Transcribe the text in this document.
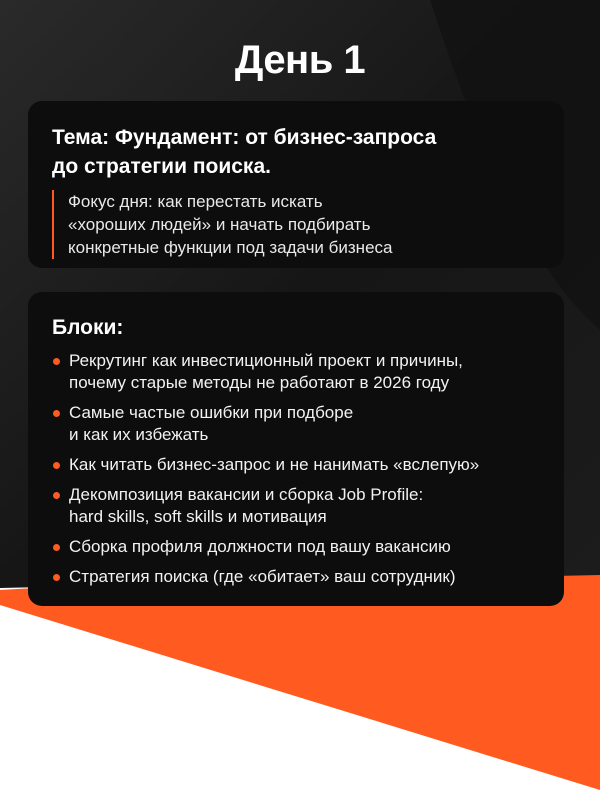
День 1
Тема: Фундамент: от бизнес-запроса
до стратегии поиска.
Фокус дня: как перестать искать
«хороших людей» и начать подбирать
конкретные функции под задачи бизнеса
Блоки:
Рекрутинг как инвестиционный проект и причины,
почему старые методы не работают в 2026 году
Самые частые ошибки при подборе
и как их избежать
Как читать бизнес-запрос и не нанимать «вслепую»
Декомпозиция вакансии и сборка Job Profile:
hard skills, soft skills и мотивация
Сборка профиля должности под вашу вакансию
Стратегия поиска (где «обитает» ваш сотрудник)
